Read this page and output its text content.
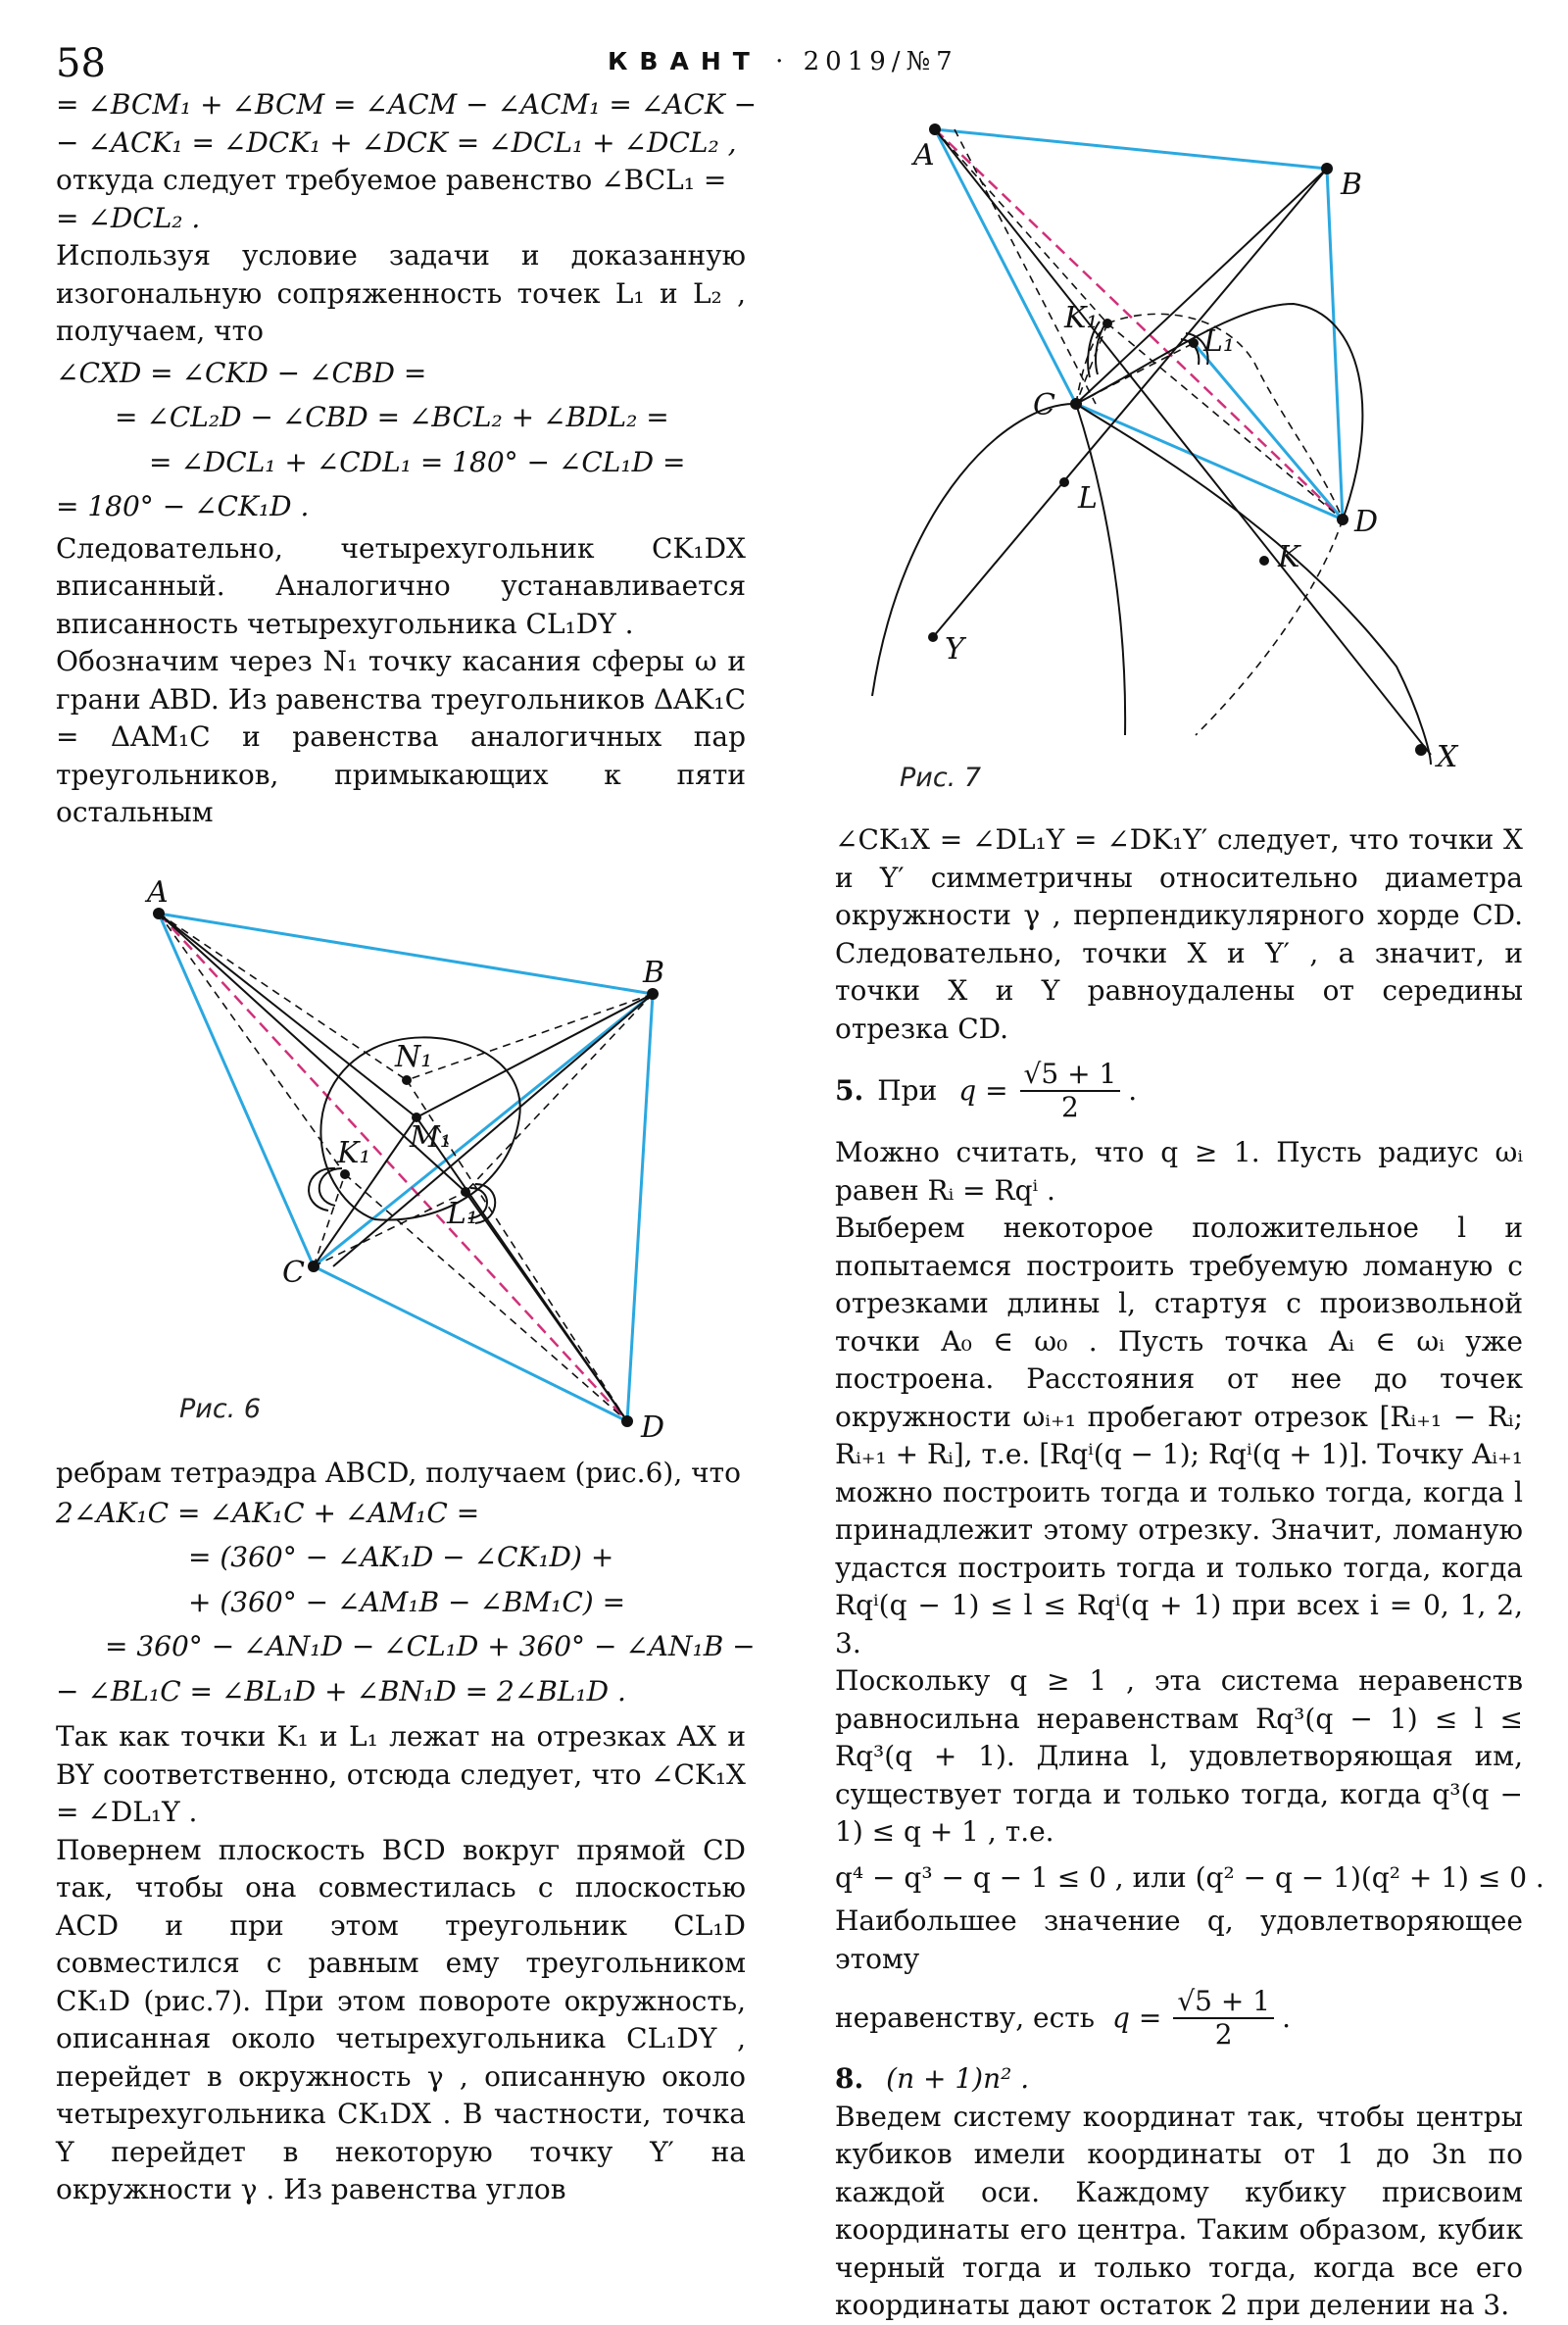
58	КВАНТ · 2019/№7

= ∠BCM₁ + ∠BCM = ∠ACM − ∠ACM₁ = ∠ACK −

− ∠ACK₁ = ∠DCK₁ + ∠DCK = ∠DCL₁ + ∠DCL₂ ,

откуда следует требуемое равенство ∠BCL₁ =

= ∠DCL₂ .

Используя условие задачи и доказанную изогональную сопряженность точек L₁ и L₂ , получаем, что

∠CXD = ∠CKD − ∠CBD =

= ∠CL₂D − ∠CBD = ∠BCL₂ + ∠BDL₂ =

= ∠DCL₁ + ∠CDL₁ = 180° − ∠CL₁D =

= 180° − ∠CK₁D .

Следовательно, четырехугольник CK₁DX вписанный. Аналогично устанавливается вписанность четырехугольника CL₁DY .

Обозначим через N₁ точку касания сферы ω и грани ABD. Из равенства треугольников ΔAK₁C = ΔAM₁C и равенства аналогичных пар треугольников, примыкающих к пяти остальным

A
B
C
D
N₁
M₁
K₁
L₁
Рис. 6

ребрам тетраэдра ABCD, получаем (рис.6), что

2∠AK₁C = ∠AK₁C + ∠AM₁C =

= (360° − ∠AK₁D − ∠CK₁D) +

+ (360° − ∠AM₁B − ∠BM₁C) =

= 360° − ∠AN₁D − ∠CL₁D + 360° − ∠AN₁B −

− ∠BL₁C = ∠BL₁D + ∠BN₁D = 2∠BL₁D .

Так как точки K₁ и L₁ лежат на отрезках AX и BY соответственно, отсюда следует, что ∠CK₁X = ∠DL₁Y .

Повернем плоскость BCD вокруг прямой CD так, чтобы она совместилась с плоскостью ACD и при этом треугольник CL₁D совместился с равным ему треугольником CK₁D (рис.7). При этом повороте окружность, описанная около четырехугольника CL₁DY , перейдет в окружность γ , описанную около четырехугольника CK₁DX . В частности, точка Y перейдет в некоторую точку Y′ на окружности γ . Из равенства углов

A
B
C
D
K₁
L₁
L
K
X
Y
Рис. 7

∠CK₁X = ∠DL₁Y = ∠DK₁Y′ следует, что точки X и Y′ симметричны относительно диаметра окружности γ , перпендикулярного хорде CD. Следовательно, точки X и Y′ , а значит, и точки X и Y равноудалены от середины отрезка CD.

5. При $q = \frac{√5 + 1}{2}$ .

Можно считать, что q ≥ 1. Пусть радиус ωᵢ равен Rᵢ = Rqⁱ .

Выберем некоторое положительное l и попытаемся построить требуемую ломаную с отрезками длины l, стартуя с произвольной точки A₀ ∈ ω₀ . Пусть точка Aᵢ ∈ ωᵢ уже построена. Расстояния от нее до точек окружности ωᵢ₊₁ пробегают отрезок [Rᵢ₊₁ − Rᵢ; Rᵢ₊₁ + Rᵢ], т.е. [Rqⁱ(q − 1); Rqⁱ(q + 1)]. Точку Aᵢ₊₁ можно построить тогда и только тогда, когда l принадлежит этому отрезку. Значит, ломаную удастся построить тогда и только тогда, когда Rqⁱ(q − 1) ≤ l ≤ Rqⁱ(q + 1) при всех i = 0, 1, 2, 3.

Поскольку q ≥ 1 , эта система неравенств равносильна неравенствам Rq³(q − 1) ≤ l ≤ Rq³(q + 1). Длина l, удовлетворяющая им, существует тогда и только тогда, когда q³(q − 1) ≤ q + 1 , т.е.

q⁴ − q³ − q − 1 ≤ 0 , или (q² − q − 1)(q² + 1) ≤ 0 .

Наибольшее значение q, удовлетворяющее этому

неравенству, есть $q = \frac{√5 + 1}{2}$ .
8. (n + 1)n² .

Введем систему координат так, чтобы центры кубиков имели координаты от 1 до 3n по каждой оси. Каждому кубику присвоим координаты его центра. Таким образом, кубик черный тогда и только тогда, когда все его координаты дают остаток 2 при делении на 3.
